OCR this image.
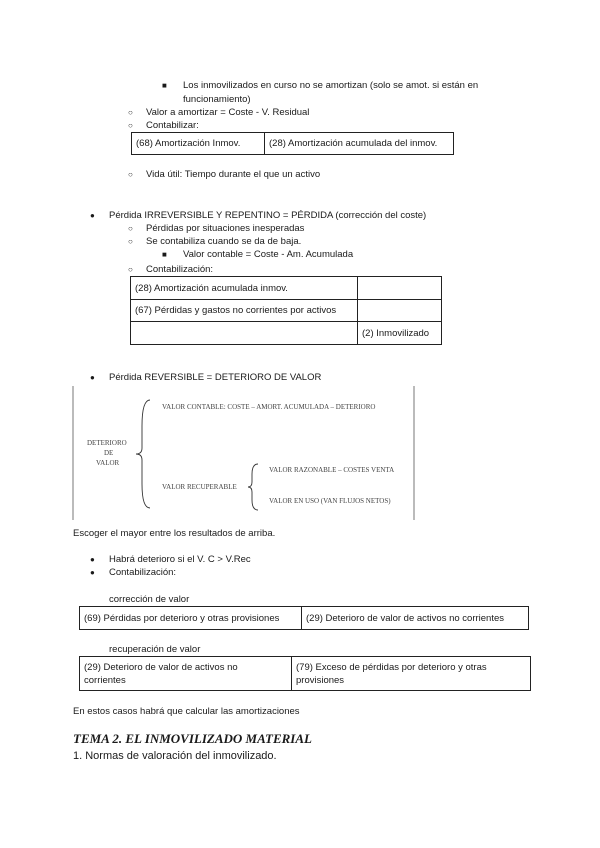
■ Los inmovilizados en curso no se amortizan (solo se amot. si están en
funcionamiento)
○ Valor a amortizar = Coste - V. Residual
○ Contabilizar:
(68) Amortización Inmov.	(28) Amortización acumulada del inmov.
○ Vida útil: Tiempo durante el que un activo
● Pérdida IRREVERSIBLE Y REPENTINO = PÉRDIDA (corrección del coste)
○ Pérdidas por situaciones inesperadas
○ Se contabiliza cuando se da de baja.
■ Valor contable = Coste - Am. Acumulada
○ Contabilización:
(28) Amortización acumulada inmov.	
(67) Pérdidas y gastos no corrientes por activos	
	(2) Inmovilizado
● Pérdida REVERSIBLE = DETERIORO DE VALOR
DETERIORO
DE
VALOR
VALOR CONTABLE: COSTE – AMORT. ACUMULADA – DETERIORO
VALOR RECUPERABLE
VALOR RAZONABLE – COSTES VENTA
VALOR EN USO (VAN FLUJOS NETOS)
Escoger el mayor entre los resultados de arriba.
● Habrá deterioro si el V. C > V.Rec
● Contabilización:
corrección de valor
(69) Pérdidas por deterioro y otras provisiones	(29) Deterioro de valor de activos no corrientes
recuperación de valor
(29) Deterioro de valor de activos no
corrientes	(79) Exceso de pérdidas por deterioro y otras
provisiones
En estos casos habrá que calcular las amortizaciones
TEMA 2. EL INMOVILIZADO MATERIAL
1. Normas de valoración del inmovilizado.
